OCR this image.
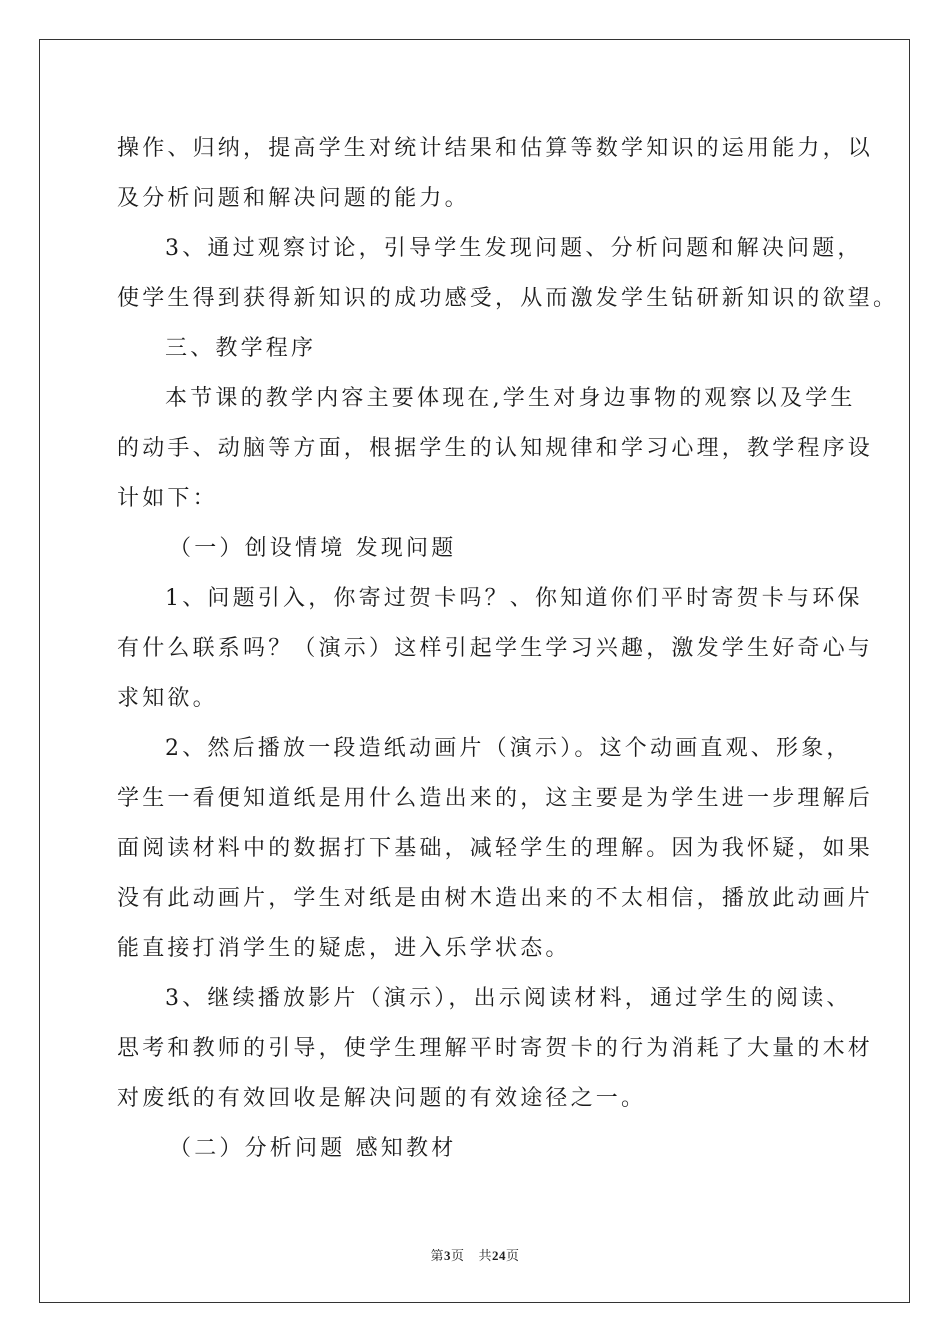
操作、归纳，提高学生对统计结果和估算等数学知识的运用能力，以

及分析问题和解决问题的能力。

3、通过观察讨论，引导学生发现问题、分析问题和解决问题，

使学生得到获得新知识的成功感受，从而激发学生钻研新知识的欲望。

三、教学程序

本节课的教学内容主要体现在,学生对身边事物的观察以及学生

的动手、动脑等方面，根据学生的认知规律和学习心理，教学程序设

计如下：

（一）创设情境 发现问题

1、问题引入，你寄过贺卡吗？、你知道你们平时寄贺卡与环保

有什么联系吗？（演示）这样引起学生学习兴趣，激发学生好奇心与

求知欲。

2、然后播放一段造纸动画片（演示）。这个动画直观、形象，

学生一看便知道纸是用什么造出来的，这主要是为学生进一步理解后

面阅读材料中的数据打下基础，减轻学生的理解。因为我怀疑，如果

没有此动画片，学生对纸是由树木造出来的不太相信，播放此动画片

能直接打消学生的疑虑，进入乐学状态。

3、继续播放影片（演示），出示阅读材料，通过学生的阅读、

思考和教师的引导，使学生理解平时寄贺卡的行为消耗了大量的木材

对废纸的有效回收是解决问题的有效途径之一。

（二）分析问题 感知教材

第3页 共24页
